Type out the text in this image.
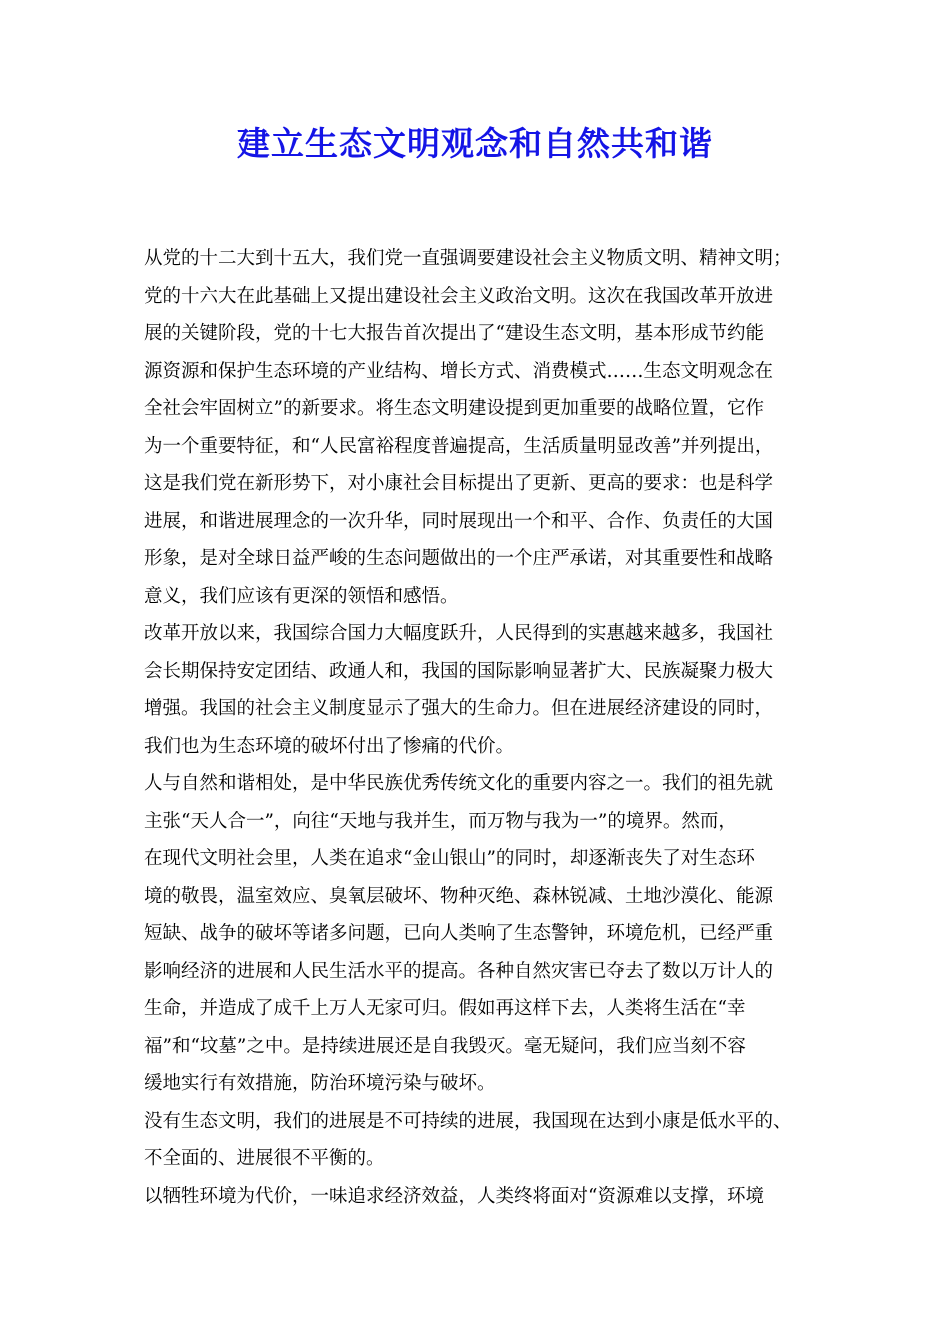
建立生态文明观念和自然共和谐
从党的十二大到十五大，我们党一直强调要建设社会主义物质文明、精神文明；
党的十六大在此基础上又提出建设社会主义政治文明。这次在我国改革开放进
展的关键阶段，党的十七大报告首次提出了“建设生态文明，基本形成节约能
源资源和保护生态环境的产业结构、增长方式、消费模式……生态文明观念在
全社会牢固树立”的新要求。将生态文明建设提到更加重要的战略位置，它作
为一个重要特征，和“人民富裕程度普遍提高，生活质量明显改善”并列提出，
这是我们党在新形势下，对小康社会目标提出了更新、更高的要求：也是科学
进展，和谐进展理念的一次升华，同时展现出一个和平、合作、负责任的大国
形象，是对全球日益严峻的生态问题做出的一个庄严承诺，对其重要性和战略
意义，我们应该有更深的领悟和感悟。
改革开放以来，我国综合国力大幅度跃升，人民得到的实惠越来越多，我国社
会长期保持安定团结、政通人和，我国的国际影响显著扩大、民族凝聚力极大
增强。我国的社会主义制度显示了强大的生命力。但在进展经济建设的同时，
我们也为生态环境的破坏付出了惨痛的代价。
人与自然和谐相处，是中华民族优秀传统文化的重要内容之一。我们的祖先就
主张“天人合一”，向往“天地与我并生，而万物与我为一”的境界。然而，
在现代文明社会里，人类在追求“金山银山”的同时，却逐渐丧失了对生态环
境的敬畏，温室效应、臭氧层破坏、物种灭绝、森林锐减、土地沙漠化、能源
短缺、战争的破坏等诸多问题，已向人类响了生态警钟，环境危机，已经严重
影响经济的进展和人民生活水平的提高。各种自然灾害已夺去了数以万计人的
生命，并造成了成千上万人无家可归。假如再这样下去，人类将生活在“幸
福”和“坟墓”之中。是持续进展还是自我毁灭。毫无疑问，我们应当刻不容
缓地实行有效措施，防治环境污染与破坏。
没有生态文明，我们的进展是不可持续的进展，我国现在达到小康是低水平的、
不全面的、进展很不平衡的。
以牺牲环境为代价，一味追求经济效益，人类终将面对“资源难以支撑，环境
